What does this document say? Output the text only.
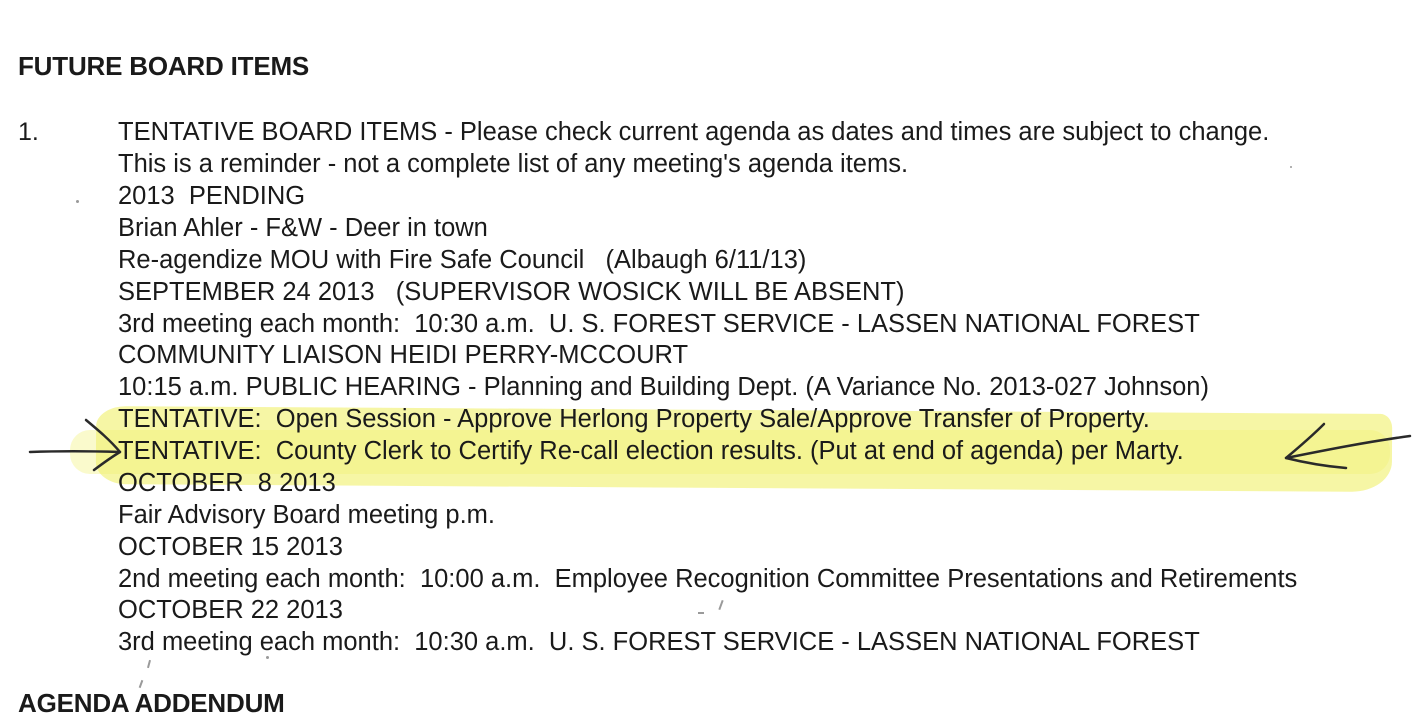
FUTURE BOARD ITEMS
1.	TENTATIVE BOARD ITEMS - Please check current agenda as dates and times are subject to change.
This is a reminder - not a complete list of any meeting's agenda items.
2013  PENDING
Brian Ahler - F&W - Deer in town
Re-agendize MOU with Fire Safe Council   (Albaugh 6/11/13)
SEPTEMBER 24 2013   (SUPERVISOR WOSICK WILL BE ABSENT)
3rd meeting each month:  10:30 a.m.  U. S. FOREST SERVICE - LASSEN NATIONAL FOREST
COMMUNITY LIAISON HEIDI PERRY-MCCOURT
10:15 a.m. PUBLIC HEARING - Planning and Building Dept. (A Variance No. 2013-027 Johnson)
TENTATIVE:  Open Session - Approve Herlong Property Sale/Approve Transfer of Property.
TENTATIVE:  County Clerk to Certify Re-call election results. (Put at end of agenda) per Marty.
OCTOBER  8 2013
Fair Advisory Board meeting p.m.
OCTOBER 15 2013
2nd meeting each month:  10:00 a.m.  Employee Recognition Committee Presentations and Retirements
OCTOBER 22 2013
3rd meeting each month:  10:30 a.m.  U. S. FOREST SERVICE - LASSEN NATIONAL FOREST
AGENDA ADDENDUM
